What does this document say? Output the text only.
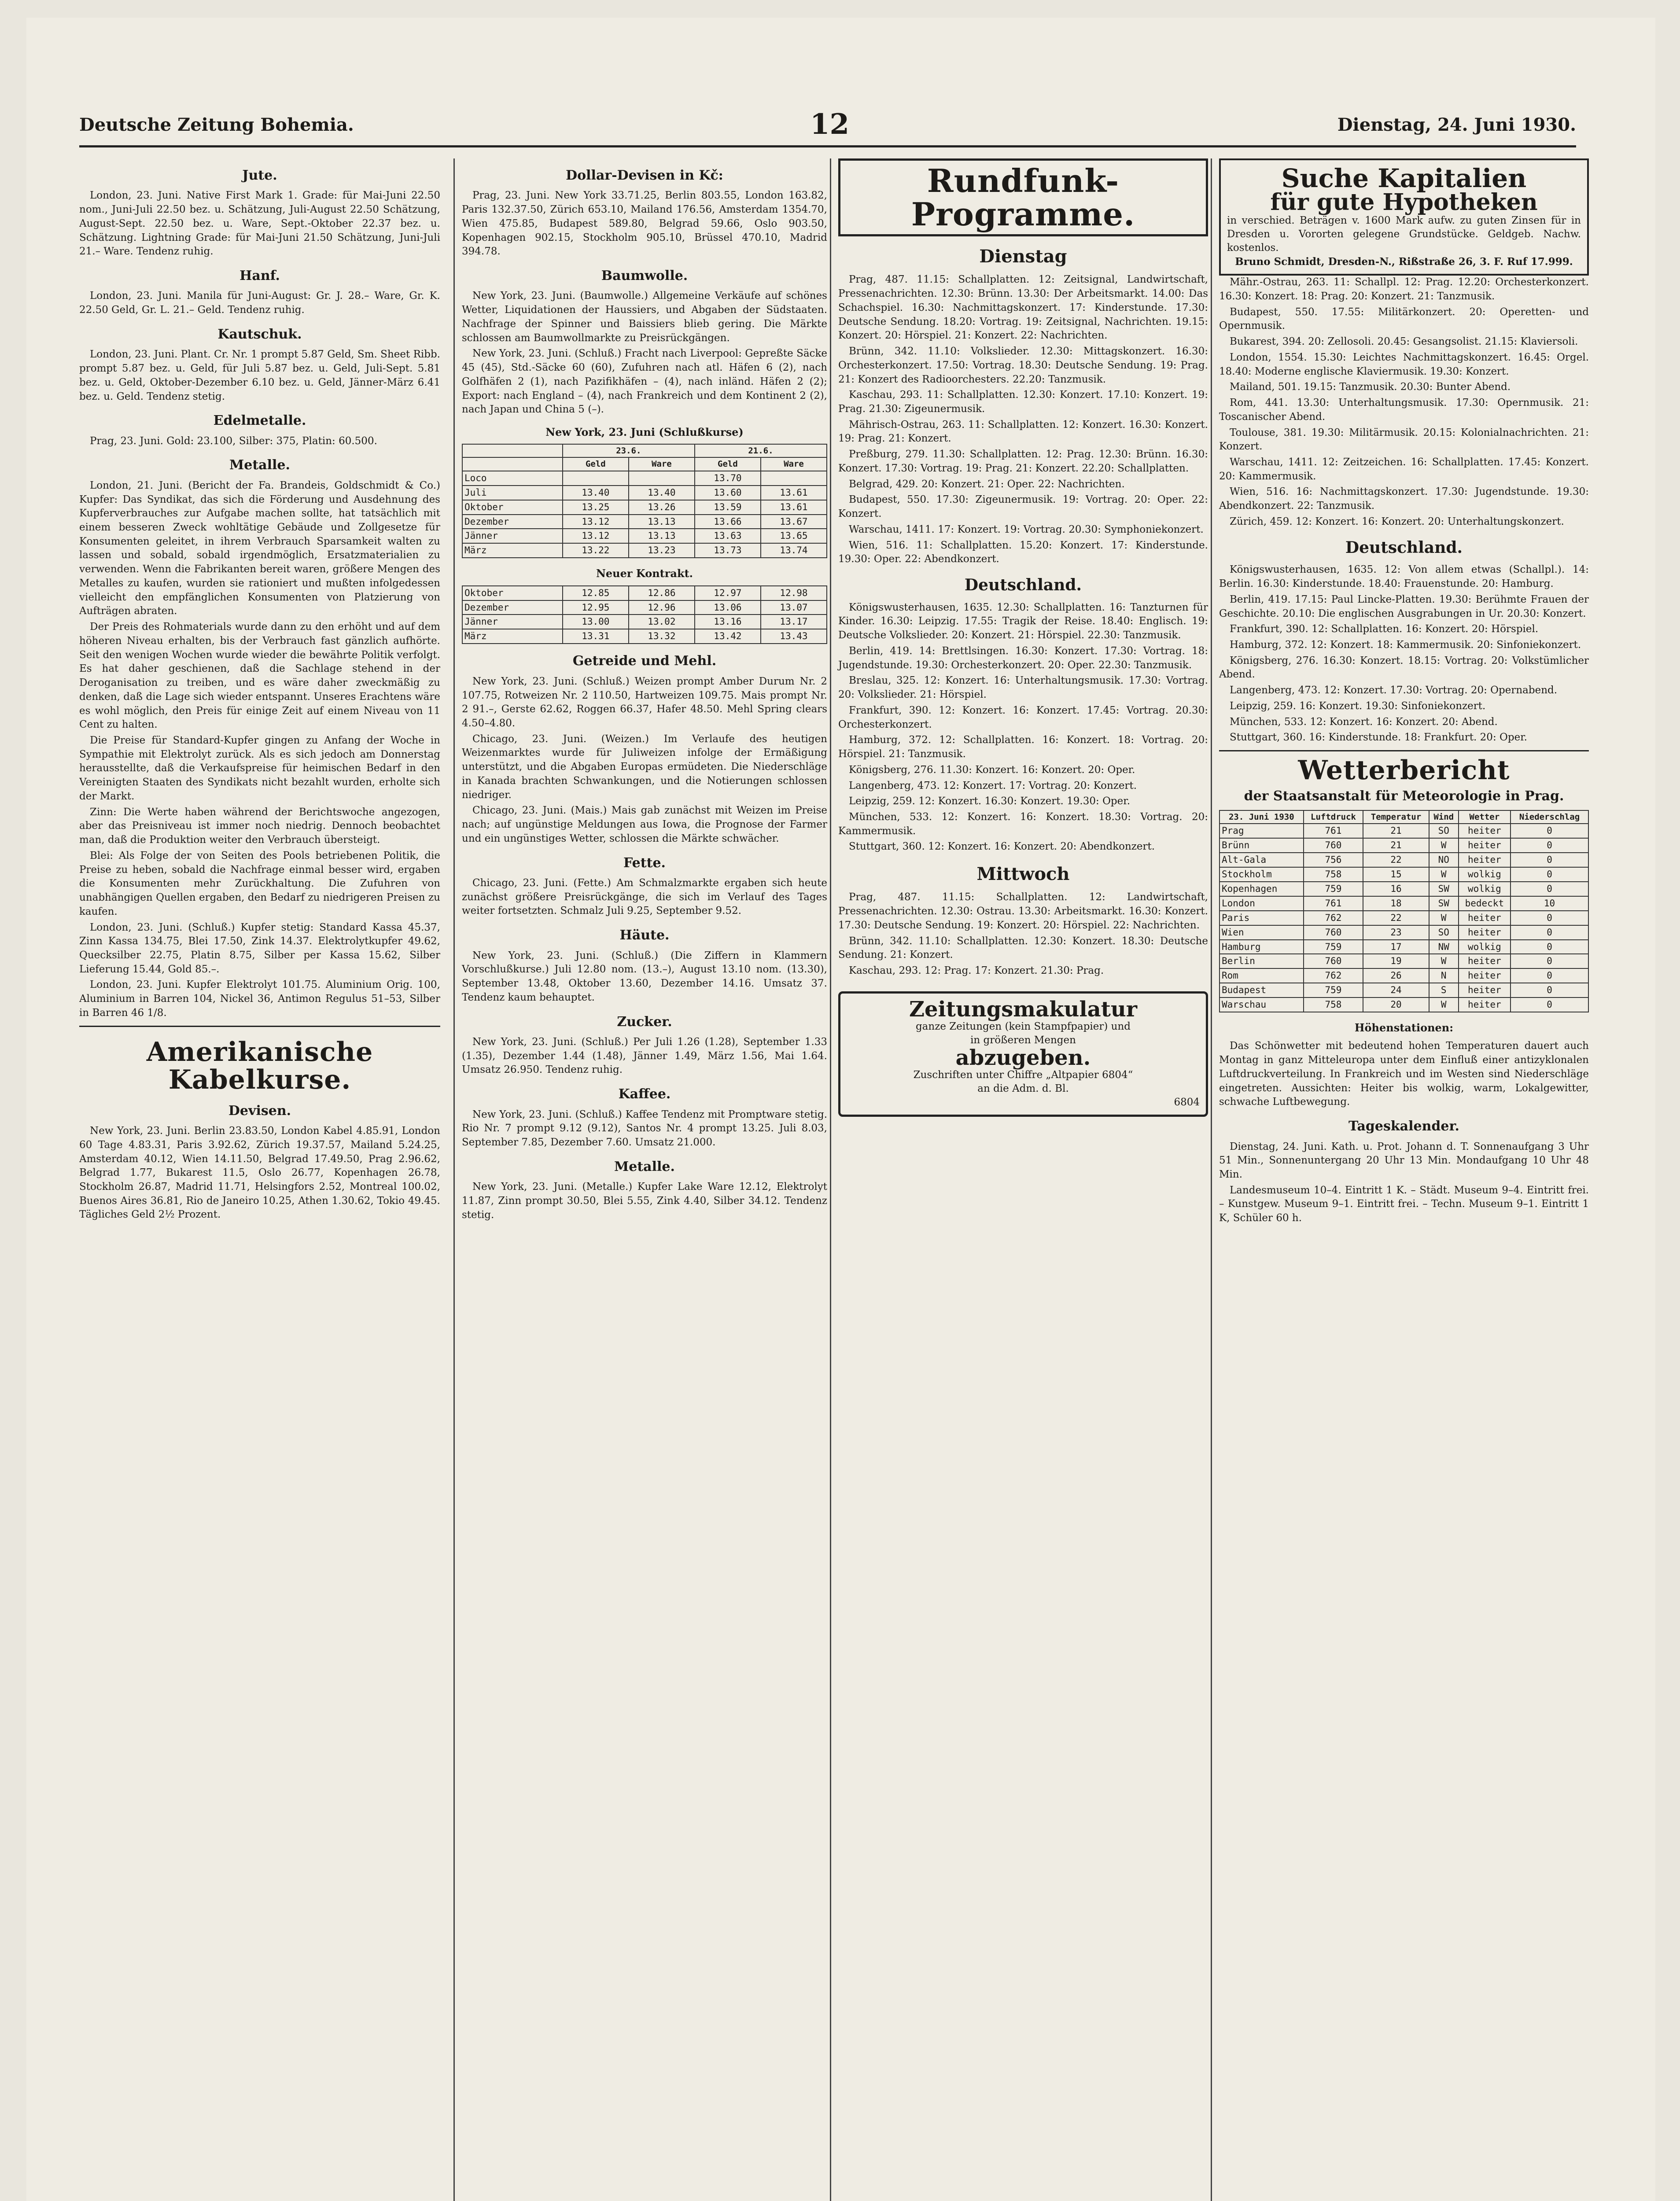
Deutsche Zeitung Bohemia.	12	Dienstag, 24. Juni 1930.
Jute.

London, 23. Juni. Native First Mark 1. Grade: für Mai-Juni 22.50 nom., Juni-Juli 22.50 bez. u. Schätzung, Juli-August 22.50 Schätzung, August-Sept. 22.50 bez. u. Ware, Sept.-Oktober 22.37 bez. u. Schätzung. Lightning Grade: für Mai-Juni 21.50 Schätzung, Juni-Juli 21.– Ware. Tendenz ruhig.

Hanf.

London, 23. Juni. Manila für Juni-August: Gr. J. 28.– Ware, Gr. K. 22.50 Geld, Gr. L. 21.– Geld. Tendenz ruhig.

Kautschuk.

London, 23. Juni. Plant. Cr. Nr. 1 prompt 5.87 Geld, Sm. Sheet Ribb. prompt 5.87 bez. u. Geld, für Juli 5.87 bez. u. Geld, Juli-Sept. 5.81 bez. u. Geld, Oktober-Dezember 6.10 bez. u. Geld, Jänner-März 6.41 bez. u. Geld. Tendenz stetig.

Edelmetalle.

Prag, 23. Juni. Gold: 23.100, Silber: 375, Platin: 60.500.

Metalle.

London, 21. Juni. (Bericht der Fa. Brandeis, Goldschmidt & Co.) Kupfer: Das Syndikat, das sich die Förderung und Ausdehnung des Kupferverbrauches zur Aufgabe machen sollte, hat tatsächlich mit einem besseren Zweck wohltätige Gebäude und Zollgesetze für Konsumenten geleitet, in ihrem Verbrauch Sparsamkeit walten zu lassen und sobald, sobald irgendmöglich, Ersatzmaterialien zu verwenden. Wenn die Fabrikanten bereit waren, größere Mengen des Metalles zu kaufen, wurden sie rationiert und mußten infolgedessen vielleicht den empfänglichen Konsumenten von Platzierung von Aufträgen abraten.

Der Preis des Rohmaterials wurde dann zu den erhöht und auf dem höheren Niveau erhalten, bis der Verbrauch fast gänzlich aufhörte. Seit den wenigen Wochen wurde wieder die bewährte Politik verfolgt. Es hat daher geschienen, daß die Sachlage stehend in der Deroganisation zu treiben, und es wäre daher zweckmäßig zu denken, daß die Lage sich wieder entspannt. Unseres Erachtens wäre es wohl möglich, den Preis für einige Zeit auf einem Niveau von 11 Cent zu halten.

Die Preise für Standard-Kupfer gingen zu Anfang der Woche in Sympathie mit Elektrolyt zurück. Als es sich jedoch am Donnerstag herausstellte, daß die Verkaufspreise für heimischen Bedarf in den Vereinigten Staaten des Syndikats nicht bezahlt wurden, erholte sich der Markt.

Zinn: Die Werte haben während der Berichtswoche angezogen, aber das Preisniveau ist immer noch niedrig. Dennoch beobachtet man, daß die Produktion weiter den Verbrauch übersteigt.

Blei: Als Folge der von Seiten des Pools betriebenen Politik, die Preise zu heben, sobald die Nachfrage einmal besser wird, ergaben die Konsumenten mehr Zurückhaltung. Die Zufuhren von unabhängigen Quellen ergaben, den Bedarf zu niedrigeren Preisen zu kaufen.

London, 23. Juni. (Schluß.) Kupfer stetig: Standard Kassa 45.37, Zinn Kassa 134.75, Blei 17.50, Zink 14.37. Elektrolytkupfer 49.62, Quecksilber 22.75, Platin 8.75, Silber per Kassa 15.62, Silber Lieferung 15.44, Gold 85.–.

London, 23. Juni. Kupfer Elektrolyt 101.75. Aluminium Orig. 100, Aluminium in Barren 104, Nickel 36, Antimon Regulus 51–53, Silber in Barren 46 1/8.

Amerikanische Kabelkurse.
Devisen.

New York, 23. Juni. Berlin 23.83.50, London Kabel 4.85.91, London 60 Tage 4.83.31, Paris 3.92.62, Zürich 19.37.57, Mailand 5.24.25, Amsterdam 40.12, Wien 14.11.50, Belgrad 17.49.50, Prag 2.96.62, Belgrad 1.77, Bukarest 11.5, Oslo 26.77, Kopenhagen 26.78, Stockholm 26.87, Madrid 11.71, Helsingfors 2.52, Montreal 100.02, Buenos Aires 36.81, Rio de Janeiro 10.25, Athen 1.30.62, Tokio 49.45. Tägliches Geld 2½ Prozent.

Dollar-Devisen in Kč:

Prag, 23. Juni. New York 33.71.25, Berlin 803.55, London 163.82, Paris 132.37.50, Zürich 653.10, Mailand 176.56, Amsterdam 1354.70, Wien 475.85, Budapest 589.80, Belgrad 59.66, Oslo 903.50, Kopenhagen 902.15, Stockholm 905.10, Brüssel 470.10, Madrid 394.78.

Baumwolle.

New York, 23. Juni. (Baumwolle.) Allgemeine Verkäufe auf schönes Wetter, Liquidationen der Haussiers, und Abgaben der Südstaaten. Nachfrage der Spinner und Baissiers blieb gering. Die Märkte schlossen am Baumwollmarkte zu Preisrückgängen.

New York, 23. Juni. (Schluß.) Fracht nach Liverpool: Gepreßte Säcke 45 (45), Std.-Säcke 60 (60), Zufuhren nach atl. Häfen 6 (2), nach Golfhäfen 2 (1), nach Pazifikhäfen – (4), nach inländ. Häfen 2 (2); Export: nach England – (4), nach Frankreich und dem Kontinent 2 (2), nach Japan und China 5 (–).

New York, 23. Juni (Schlußkurse)
	23.6.		21.6.	
	Geld	Ware	Geld	Ware
Loco			13.70	
Juli	13.40	13.40	13.60	13.61
Oktober	13.25	13.26	13.59	13.61
Dezember	13.12	13.13	13.66	13.67
Jänner	13.12	13.13	13.63	13.65
März	13.22	13.23	13.73	13.74
Neuer Kontrakt.
Oktober	12.85	12.86	12.97	12.98
Dezember	12.95	12.96	13.06	13.07
Jänner	13.00	13.02	13.16	13.17
März	13.31	13.32	13.42	13.43
Getreide und Mehl.

New York, 23. Juni. (Schluß.) Weizen prompt Amber Durum Nr. 2 107.75, Rotweizen Nr. 2 110.50, Hartweizen 109.75. Mais prompt Nr. 2 91.–, Gerste 62.62, Roggen 66.37, Hafer 48.50. Mehl Spring clears 4.50–4.80.

Chicago, 23. Juni. (Weizen.) Im Verlaufe des heutigen Weizenmarktes wurde für Juliweizen infolge der Ermäßigung unterstützt, und die Abgaben Europas ermüdeten. Die Niederschläge in Kanada brachten Schwankungen, und die Notierungen schlossen niedriger.

Chicago, 23. Juni. (Mais.) Mais gab zunächst mit Weizen im Preise nach; auf ungünstige Meldungen aus Iowa, die Prognose der Farmer und ein ungünstiges Wetter, schlossen die Märkte schwächer.

Fette.

Chicago, 23. Juni. (Fette.) Am Schmalzmarkte ergaben sich heute zunächst größere Preisrückgänge, die sich im Verlauf des Tages weiter fortsetzten. Schmalz Juli 9.25, September 9.52.

Häute.

New York, 23. Juni. (Schluß.) (Die Ziffern in Klammern Vorschlußkurse.) Juli 12.80 nom. (13.–), August 13.10 nom. (13.30), September 13.48, Oktober 13.60, Dezember 14.16. Umsatz 37. Tendenz kaum behauptet.

Zucker.

New York, 23. Juni. (Schluß.) Per Juli 1.26 (1.28), September 1.33 (1.35), Dezember 1.44 (1.48), Jänner 1.49, März 1.56, Mai 1.64. Umsatz 26.950. Tendenz ruhig.

Kaffee.

New York, 23. Juni. (Schluß.) Kaffee Tendenz mit Promptware stetig. Rio Nr. 7 prompt 9.12 (9.12), Santos Nr. 4 prompt 13.25. Juli 8.03, September 7.85, Dezember 7.60. Umsatz 21.000.

Metalle.

New York, 23. Juni. (Metalle.) Kupfer Lake Ware 12.12, Elektrolyt 11.87, Zinn prompt 30.50, Blei 5.55, Zink 4.40, Silber 34.12. Tendenz stetig.

Rundfunk-Programme.
Dienstag

Prag, 487. 11.15: Schallplatten. 12: Zeitsignal, Landwirtschaft, Pressenachrichten. 12.30: Brünn. 13.30: Der Arbeitsmarkt. 14.00: Das Schachspiel. 16.30: Nachmittagskonzert. 17: Kinderstunde. 17.30: Deutsche Sendung. 18.20: Vortrag. 19: Zeitsignal, Nachrichten. 19.15: Konzert. 20: Hörspiel. 21: Konzert. 22: Nachrichten.

Brünn, 342. 11.10: Volkslieder. 12.30: Mittagskonzert. 16.30: Orchesterkonzert. 17.50: Vortrag. 18.30: Deutsche Sendung. 19: Prag. 21: Konzert des Radioorchesters. 22.20: Tanzmusik.

Kaschau, 293. 11: Schallplatten. 12.30: Konzert. 17.10: Konzert. 19: Prag. 21.30: Zigeunermusik.

Mährisch-Ostrau, 263. 11: Schallplatten. 12: Konzert. 16.30: Konzert. 19: Prag. 21: Konzert.

Preßburg, 279. 11.30: Schallplatten. 12: Prag. 12.30: Brünn. 16.30: Konzert. 17.30: Vortrag. 19: Prag. 21: Konzert. 22.20: Schallplatten.

Belgrad, 429. 20: Konzert. 21: Oper. 22: Nachrichten.

Budapest, 550. 17.30: Zigeunermusik. 19: Vortrag. 20: Oper. 22: Konzert.

Warschau, 1411. 17: Konzert. 19: Vortrag. 20.30: Symphoniekonzert.

Wien, 516. 11: Schallplatten. 15.20: Konzert. 17: Kinderstunde. 19.30: Oper. 22: Abendkonzert.

Deutschland.

Königswusterhausen, 1635. 12.30: Schallplatten. 16: Tanzturnen für Kinder. 16.30: Leipzig. 17.55: Tragik der Reise. 18.40: Englisch. 19: Deutsche Volkslieder. 20: Konzert. 21: Hörspiel. 22.30: Tanzmusik.

Berlin, 419. 14: Brettlsingen. 16.30: Konzert. 17.30: Vortrag. 18: Jugendstunde. 19.30: Orchesterkonzert. 20: Oper. 22.30: Tanzmusik.

Breslau, 325. 12: Konzert. 16: Unterhaltungsmusik. 17.30: Vortrag. 20: Volkslieder. 21: Hörspiel.

Frankfurt, 390. 12: Konzert. 16: Konzert. 17.45: Vortrag. 20.30: Orchesterkonzert.

Hamburg, 372. 12: Schallplatten. 16: Konzert. 18: Vortrag. 20: Hörspiel. 21: Tanzmusik.

Königsberg, 276. 11.30: Konzert. 16: Konzert. 20: Oper.

Langenberg, 473. 12: Konzert. 17: Vortrag. 20: Konzert.

Leipzig, 259. 12: Konzert. 16.30: Konzert. 19.30: Oper.

München, 533. 12: Konzert. 16: Konzert. 18.30: Vortrag. 20: Kammermusik.

Stuttgart, 360. 12: Konzert. 16: Konzert. 20: Abendkonzert.

Mittwoch

Prag, 487. 11.15: Schallplatten. 12: Landwirtschaft, Pressenachrichten. 12.30: Ostrau. 13.30: Arbeitsmarkt. 16.30: Konzert. 17.30: Deutsche Sendung. 19: Konzert. 20: Hörspiel. 22: Nachrichten.

Brünn, 342. 11.10: Schallplatten. 12.30: Konzert. 18.30: Deutsche Sendung. 21: Konzert.

Kaschau, 293. 12: Prag. 17: Konzert. 21.30: Prag.

Zeitungsmakulatur
ganze Zeitungen (kein Stampfpapier) und
in größeren Mengen
abzugeben.
Zuschriften unter Chiffre „Altpapier 6804“
an die Adm. d. Bl.
6804
Suche Kapitalien
für gute Hypotheken
in verschied. Beträgen v. 1600 Mark aufw. zu guten Zinsen für in Dresden u. Vororten gelegene Grundstücke. Geldgeb. Nachw. kostenlos.
Bruno Schmidt, Dresden-N., Rißstraße 26, 3. F. Ruf 17.999.

Mähr.-Ostrau, 263. 11: Schallpl. 12: Prag. 12.20: Orchesterkonzert. 16.30: Konzert. 18: Prag. 20: Konzert. 21: Tanzmusik.

Budapest, 550. 17.55: Militärkonzert. 20: Operetten- und Opernmusik.

Bukarest, 394. 20: Zellosoli. 20.45: Gesangsolist. 21.15: Klaviersoli.

London, 1554. 15.30: Leichtes Nachmittagskonzert. 16.45: Orgel. 18.40: Moderne englische Klaviermusik. 19.30: Konzert.

Mailand, 501. 19.15: Tanzmusik. 20.30: Bunter Abend.

Rom, 441. 13.30: Unterhaltungsmusik. 17.30: Opernmusik. 21: Toscanischer Abend.

Toulouse, 381. 19.30: Militärmusik. 20.15: Kolonialnachrichten. 21: Konzert.

Warschau, 1411. 12: Zeitzeichen. 16: Schallplatten. 17.45: Konzert. 20: Kammermusik.

Wien, 516. 16: Nachmittagskonzert. 17.30: Jugendstunde. 19.30: Abendkonzert. 22: Tanzmusik.

Zürich, 459. 12: Konzert. 16: Konzert. 20: Unterhaltungskonzert.

Deutschland.

Königswusterhausen, 1635. 12: Von allem etwas (Schallpl.). 14: Berlin. 16.30: Kinderstunde. 18.40: Frauenstunde. 20: Hamburg.

Berlin, 419. 17.15: Paul Lincke-Platten. 19.30: Berühmte Frauen der Geschichte. 20.10: Die englischen Ausgrabungen in Ur. 20.30: Konzert.

Frankfurt, 390. 12: Schallplatten. 16: Konzert. 20: Hörspiel.

Hamburg, 372. 12: Konzert. 18: Kammermusik. 20: Sinfoniekonzert.

Königsberg, 276. 16.30: Konzert. 18.15: Vortrag. 20: Volkstümlicher Abend.

Langenberg, 473. 12: Konzert. 17.30: Vortrag. 20: Opernabend.

Leipzig, 259. 16: Konzert. 19.30: Sinfoniekonzert.

München, 533. 12: Konzert. 16: Konzert. 20: Abend.

Stuttgart, 360. 16: Kinderstunde. 18: Frankfurt. 20: Oper.

Wetterbericht
der Staatsanstalt für Meteorologie in Prag.
23. Juni 1930	Luftdruck	Temperatur	Wind	Wetter	Niederschlag
Prag	761	21	SO	heiter	0
Brünn	760	21	W	heiter	0
Alt-Gala	756	22	NO	heiter	0
Stockholm	758	15	W	wolkig	0
Kopenhagen	759	16	SW	wolkig	0
London	761	18	SW	bedeckt	10
Paris	762	22	W	heiter	0
Wien	760	23	SO	heiter	0
Hamburg	759	17	NW	wolkig	0
Berlin	760	19	W	heiter	0
Rom	762	26	N	heiter	0
Budapest	759	24	S	heiter	0
Warschau	758	20	W	heiter	0
Höhenstationen:

Das Schönwetter mit bedeutend hohen Temperaturen dauert auch Montag in ganz Mitteleuropa unter dem Einfluß einer antizyklonalen Luftdruckverteilung. In Frankreich und im Westen sind Niederschläge eingetreten. Aussichten: Heiter bis wolkig, warm, Lokalgewitter, schwache Luftbewegung.

Tageskalender.

Dienstag, 24. Juni. Kath. u. Prot. Johann d. T. Sonnenaufgang 3 Uhr 51 Min., Sonnenuntergang 20 Uhr 13 Min. Mondaufgang 10 Uhr 48 Min.

Landesmuseum 10–4. Eintritt 1 K. – Städt. Museum 9–4. Eintritt frei. – Kunstgew. Museum 9–1. Eintritt frei. – Techn. Museum 9–1. Eintritt 1 K, Schüler 60 h.
